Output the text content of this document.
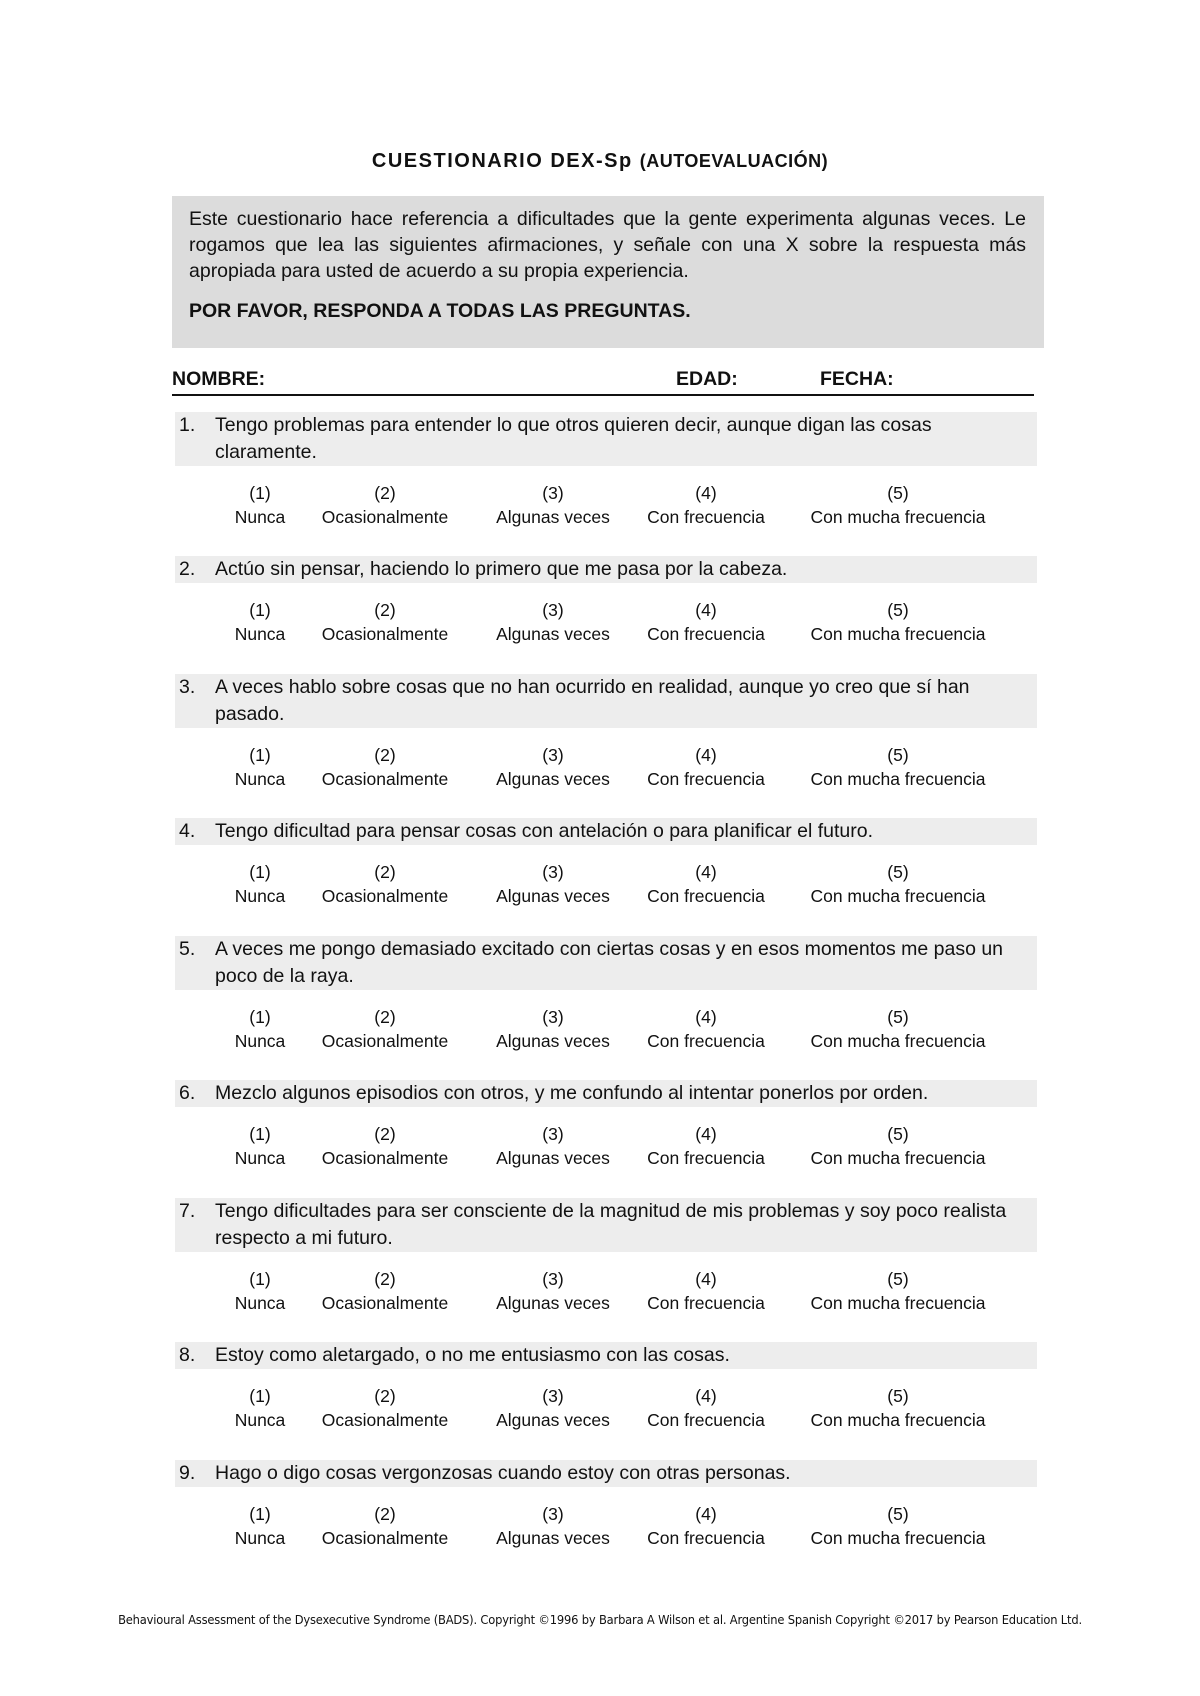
CUESTIONARIO DEX-Sp (AUTOEVALUACIÓN)

Este cuestionario hace referencia a dificultades que la gente experimenta algunas veces. Le rogamos que lea las siguientes afirmaciones, y señale con una X sobre la respuesta más apropiada para usted de acuerdo a su propia experiencia.

POR FAVOR, RESPONDA A TODAS LAS PREGUNTAS.

NOMBRE:	EDAD:	FECHA:
1. Tengo problemas para entender lo que otros quieren decir, aunque digan las cosas claramente.
(1)
Nunca
(2)
Ocasionalmente
(3)
Algunas veces
(4)
Con frecuencia
(5)
Con mucha frecuencia
2. Actúo sin pensar, haciendo lo primero que me pasa por la cabeza.
(1)
Nunca
(2)
Ocasionalmente
(3)
Algunas veces
(4)
Con frecuencia
(5)
Con mucha frecuencia
3. A veces hablo sobre cosas que no han ocurrido en realidad, aunque yo creo que sí han pasado.
(1)
Nunca
(2)
Ocasionalmente
(3)
Algunas veces
(4)
Con frecuencia
(5)
Con mucha frecuencia
4. Tengo dificultad para pensar cosas con antelación o para planificar el futuro.
(1)
Nunca
(2)
Ocasionalmente
(3)
Algunas veces
(4)
Con frecuencia
(5)
Con mucha frecuencia
5. A veces me pongo demasiado excitado con ciertas cosas y en esos momentos me paso un poco de la raya.
(1)
Nunca
(2)
Ocasionalmente
(3)
Algunas veces
(4)
Con frecuencia
(5)
Con mucha frecuencia
6. Mezclo algunos episodios con otros, y me confundo al intentar ponerlos por orden.
(1)
Nunca
(2)
Ocasionalmente
(3)
Algunas veces
(4)
Con frecuencia
(5)
Con mucha frecuencia
7. Tengo dificultades para ser consciente de la magnitud de mis problemas y soy poco realista respecto a mi futuro.
(1)
Nunca
(2)
Ocasionalmente
(3)
Algunas veces
(4)
Con frecuencia
(5)
Con mucha frecuencia
8. Estoy como aletargado, o no me entusiasmo con las cosas.
(1)
Nunca
(2)
Ocasionalmente
(3)
Algunas veces
(4)
Con frecuencia
(5)
Con mucha frecuencia
9. Hago o digo cosas vergonzosas cuando estoy con otras personas.
(1)
Nunca
(2)
Ocasionalmente
(3)
Algunas veces
(4)
Con frecuencia
(5)
Con mucha frecuencia
Behavioural Assessment of the Dysexecutive Syndrome (BADS). Copyright ©1996 by Barbara A Wilson et al. Argentine Spanish Copyright ©2017 by Pearson Education Ltd.
